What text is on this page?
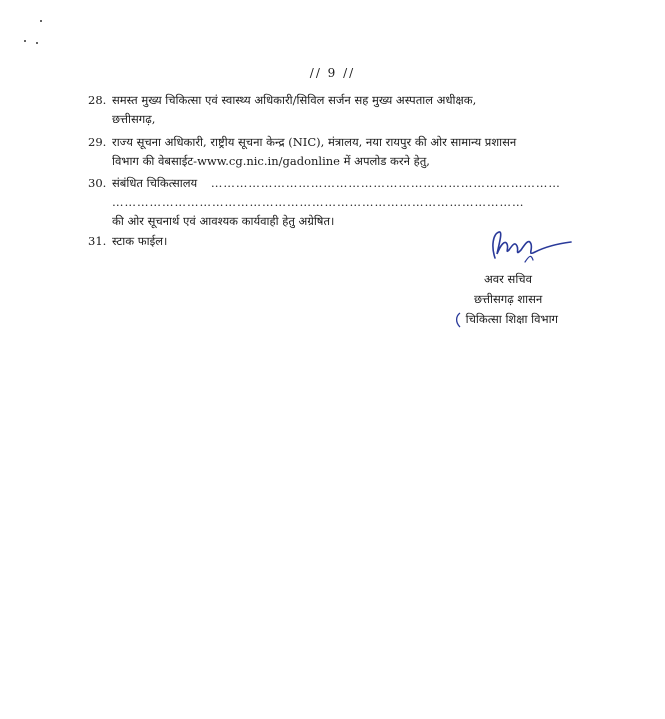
// 9 //
28. समस्त मुख्य चिकित्सा एवं स्वास्थ्य अधिकारी/सिविल सर्जन सह मुख्य अस्पताल अधीक्षक,
छत्तीसगढ़,
29. राज्य सूचना अधिकारी, राष्ट्रीय सूचना केन्द्र (NIC), मंत्रालय, नया रायपुर की ओर सामान्य प्रशासन
विभाग की वेबसाईट-www.cg.nic.in/gadonline में अपलोड करने हेतु,
30. संबंधित चिकित्सालय …………………………………………………………………………
………………………………………………………………………………………
की ओर सूचनार्थ एवं आवश्यक कार्यवाही हेतु अग्रेषित।
31. स्टाक फाईल।
अवर सचिव
छत्तीसगढ़ शासन
चिकित्सा शिक्षा विभाग
